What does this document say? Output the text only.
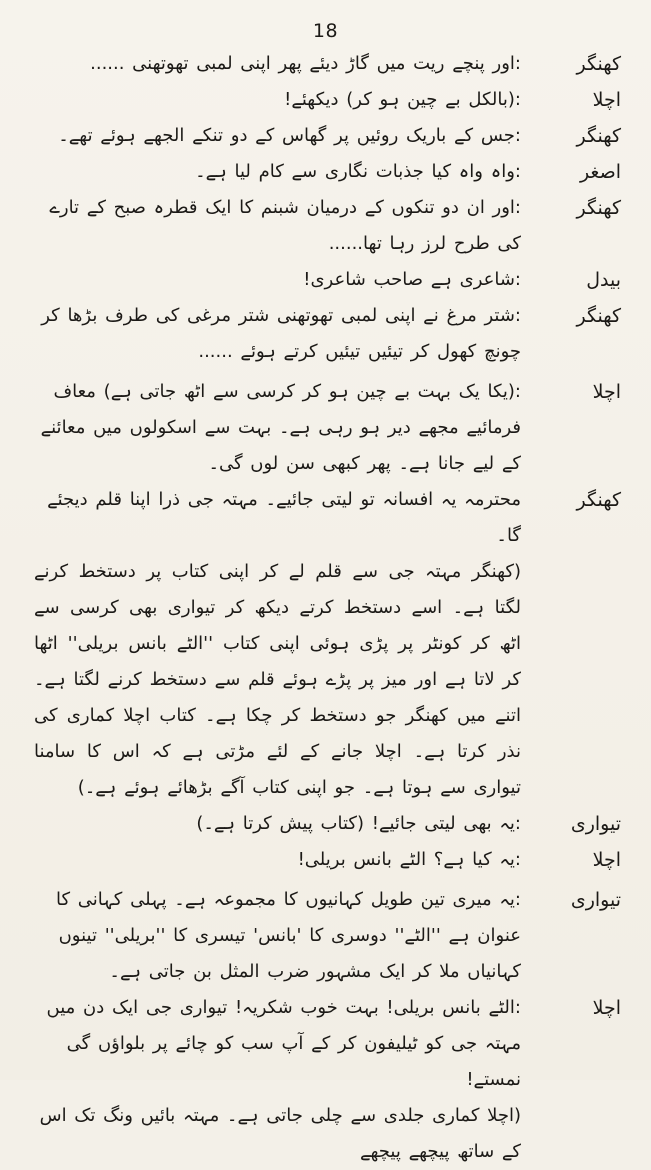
18
کھنگر
:اور پنچے ریت میں گاڑ دیئے پھر اپنی لمبی تھوتھنی ......
اچلا
:(بالکل بے چین ہو کر) دیکھئے!
کھنگر
:جس کے باریک روئیں پر گھاس کے دو تنکے الجھے ہوئے تھے۔
اصغر
:واہ واہ کیا جذبات نگاری سے کام لیا ہے۔
کھنگر
:اور ان دو تنکوں کے درمیان شبنم کا ایک قطرہ صبح کے تارے کی طرح لرز رہا تھا......
بیدل
:شاعری ہے صاحب شاعری!
کھنگر
:شتر مرغ نے اپنی لمبی تھوتھنی شتر مرغی کی طرف بڑھا کر چونچ کھول کر تیئیں تیئیں کرتے ہوئے ......
اچلا
:(یکا یک بہت بے چین ہو کر کرسی سے اٹھ جاتی ہے) معاف فرمائیے مجھے دیر ہو رہی ہے۔ بہت سے اسکولوں میں معائنے کے لیے جانا ہے۔ پھر کبھی سن لوں گی۔
کھنگر
محترمہ یہ افسانہ تو لیتی جائیے۔ مہتہ جی ذرا اپنا قلم دیجئے گا۔
(کھنگر مہتہ جی سے قلم لے کر اپنی کتاب پر دستخط کرنے لگتا ہے۔ اسے دستخط کرتے دیکھ کر تیواری بھی کرسی سے اٹھ کر کونٹر پر پڑی ہوئی اپنی کتاب ''الٹے بانس بریلی'' اٹھا کر لاتا ہے اور میز پر پڑے ہوئے قلم سے دستخط کرنے لگتا ہے۔ اتنے میں کھنگر جو دستخط کر چکا ہے۔ کتاب اچلا کماری کی نذر کرتا ہے۔ اچلا جانے کے لئے مڑتی ہے کہ اس کا سامنا تیواری سے ہوتا ہے۔ جو اپنی کتاب آگے بڑھائے ہوئے ہے۔)
تیواری
:یہ بھی لیتی جائیے! (کتاب پیش کرتا ہے۔)
اچلا
:یہ کیا ہے؟ الٹے بانس بریلی!
تیواری
:یہ میری تین طویل کہانیوں کا مجموعہ ہے۔ پہلی کہانی کا عنوان ہے ''الٹے'' دوسری کا 'بانس' تیسری کا ''بریلی'' تینوں کہانیاں ملا کر ایک مشہور ضرب المثل بن جاتی ہے۔
اچلا
:الٹے بانس بریلی! بہت خوب شکریہ! تیواری جی ایک دن میں مہتہ جی کو ٹیلیفون کر کے آپ سب کو چائے پر بلواؤں گی نمستے!
(اچلا کماری جلدی سے چلی جاتی ہے۔ مہتہ بائیں ونگ تک اس کے ساتھ پیچھے پیچھے
